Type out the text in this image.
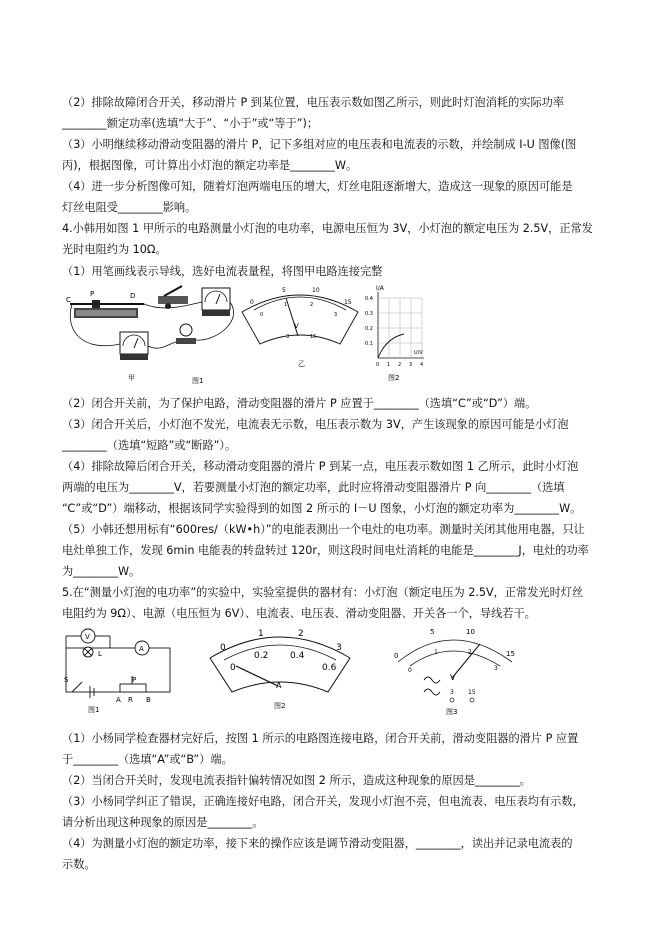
（2）排除故障闭合开关，移动滑片 P 到某位置，电压表示数如图乙所示，则此时灯泡消耗的实际功率
________额定功率(选填“大于”、“小于”或“等于”)；
（3）小明继续移动滑动变阻器的滑片 P，记下多组对应的电压表和电流表的示数，并绘制成 I-U 图像(图
丙)，根据图像，可计算出小灯泡的额定功率是________W。
（4）进一步分析图像可知，随着灯泡两端电压的增大，灯丝电阻逐渐增大，造成这一现象的原因可能是
灯丝电阻受________影响。
4.小韩用如图 1 甲所示的电路测量小灯泡的电功率，电源电压恒为 3V，小灯泡的额定电压为 2.5V，正常发
光时电阻约为 10Ω。
（1）用笔画线表示导线，选好电流表量程，将图甲电路连接完整
C
P	D
甲	图1
0
5	10
15
0
1	2
3
V
3	15
乙
I/A
0.4
0.3
0.2
0.1
0 1 2 3 4
U/V
图2
（2）闭合开关前，为了保护电路，滑动变阻器的滑片 P 应置于________（选填“C”或“D”）端。
（3）闭合开关后，小灯泡不发光，电流表无示数，电压表示数为 3V，产生该现象的原因可能是小灯泡
________（选填“短路”或“断路”）。
（4）排除故障后闭合开关，移动滑动变阻器的滑片 P 到某一点，电压表示数如图 1 乙所示，此时小灯泡
两端的电压为________V，若要测量小灯泡的额定功率，此时应将滑动变阻器滑片 P 向________（选填
“C”或“D”）端移动，根据该同学实验得到的如图 2 所示的 I－U 图象，小灯泡的额定功率为________W。
（5）小韩还想用标有“600res/（kW•h）”的电能表测出一个电灶的电功率。测量时关闭其他用电器，只让
电灶单独工作，发现 6min 电能表的转盘转过 120r，则这段时间电灶消耗的电能是________J，电灶的功率
为________W。
5.在“测量小灯泡的电功率”的实验中，实验室提供的器材有：小灯泡（额定电压为 2.5V，正常发光时灯丝
电阻约为 9Ω）、电源（电压恒为 6V）、电流表、电压表、滑动变阻器、开关各一个，导线若干。
V
A
L
S	P
A R B
图1
0
1	2
3
0
0.2 0.4
0.6
A
图2
0
5	10
15
0
1	2
3
V
3 15
图3
（1）小杨同学检查器材完好后，按图 1 所示的电路图连接电路，闭合开关前，滑动变阻器的滑片 P 应置
于________（选填“A”或“B”）端。
（2）当闭合开关时，发现电流表指针偏转情况如图 2 所示，造成这种现象的原因是________。
（3）小杨同学纠正了错误，正确连接好电路，闭合开关，发现小灯泡不亮，但电流表、电压表均有示数，
请分析出现这种现象的原因是________。
（4）为测量小灯泡的额定功率，接下来的操作应该是调节滑动变阻器，________，读出并记录电流表的
示数。
